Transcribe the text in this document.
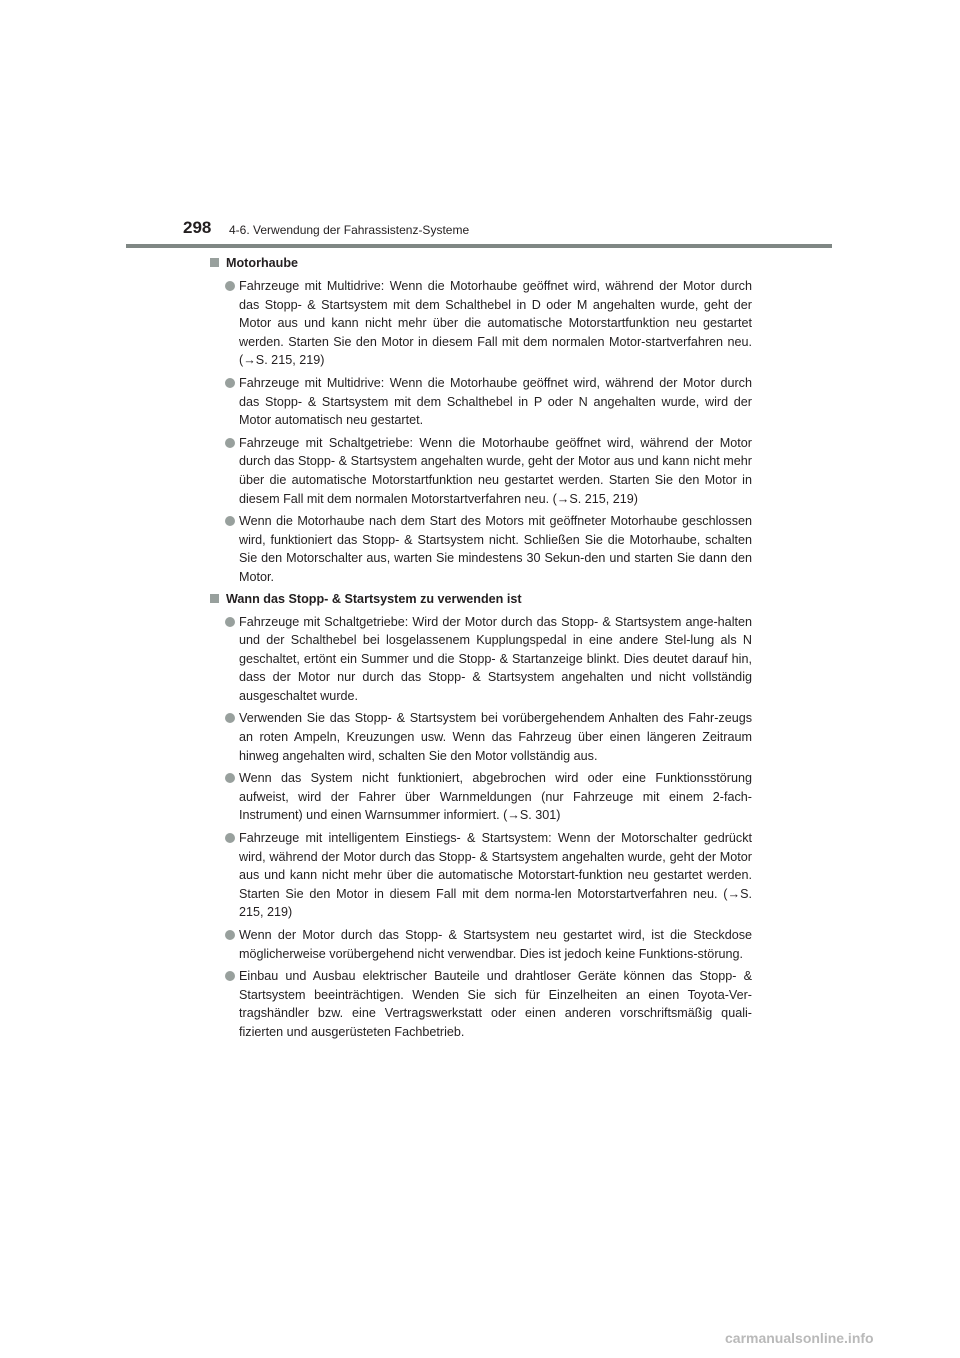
298 4-6. Verwendung der Fahrassistenz-Systeme
Motorhaube
Fahrzeuge mit Multidrive: Wenn die Motorhaube geöffnet wird, während der Motor durch das Stopp- & Startsystem mit dem Schalthebel in D oder M angehalten wurde, geht der Motor aus und kann nicht mehr über die automatische Motorstartfunktion neu gestartet werden. Starten Sie den Motor in diesem Fall mit dem normalen Motor-startverfahren neu. (→S. 215, 219)
Fahrzeuge mit Multidrive: Wenn die Motorhaube geöffnet wird, während der Motor durch das Stopp- & Startsystem mit dem Schalthebel in P oder N angehalten wurde, wird der Motor automatisch neu gestartet.
Fahrzeuge mit Schaltgetriebe: Wenn die Motorhaube geöffnet wird, während der Motor durch das Stopp- & Startsystem angehalten wurde, geht der Motor aus und kann nicht mehr über die automatische Motorstartfunktion neu gestartet werden. Starten Sie den Motor in diesem Fall mit dem normalen Motorstartverfahren neu. (→S. 215, 219)
Wenn die Motorhaube nach dem Start des Motors mit geöffneter Motorhaube geschlossen wird, funktioniert das Stopp- & Startsystem nicht. Schließen Sie die Motorhaube, schalten Sie den Motorschalter aus, warten Sie mindestens 30 Sekun-den und starten Sie dann den Motor.
Wann das Stopp- & Startsystem zu verwenden ist
Fahrzeuge mit Schaltgetriebe: Wird der Motor durch das Stopp- & Startsystem ange-halten und der Schalthebel bei losgelassenem Kupplungspedal in eine andere Stel-lung als N geschaltet, ertönt ein Summer und die Stopp- & Startanzeige blinkt. Dies deutet darauf hin, dass der Motor nur durch das Stopp- & Startsystem angehalten und nicht vollständig ausgeschaltet wurde.
Verwenden Sie das Stopp- & Startsystem bei vorübergehendem Anhalten des Fahr-zeugs an roten Ampeln, Kreuzungen usw. Wenn das Fahrzeug über einen längeren Zeitraum hinweg angehalten wird, schalten Sie den Motor vollständig aus.
Wenn das System nicht funktioniert, abgebrochen wird oder eine Funktionsstörung aufweist, wird der Fahrer über Warnmeldungen (nur Fahrzeuge mit einem 2-fach-Instrument) und einen Warnsummer informiert. (→S. 301)
Fahrzeuge mit intelligentem Einstiegs- & Startsystem: Wenn der Motorschalter gedrückt wird, während der Motor durch das Stopp- & Startsystem angehalten wurde, geht der Motor aus und kann nicht mehr über die automatische Motorstart-funktion neu gestartet werden. Starten Sie den Motor in diesem Fall mit dem norma-len Motorstartverfahren neu. (→S. 215, 219)
Wenn der Motor durch das Stopp- & Startsystem neu gestartet wird, ist die Steckdose möglicherweise vorübergehend nicht verwendbar. Dies ist jedoch keine Funktions-störung.
Einbau und Ausbau elektrischer Bauteile und drahtloser Geräte können das Stopp- & Startsystem beeinträchtigen. Wenden Sie sich für Einzelheiten an einen Toyota-Ver-tragshändler bzw. eine Vertragswerkstatt oder einen anderen vorschriftsmäßig quali-fizierten und ausgerüsteten Fachbetrieb.
carmanualsonline.info
